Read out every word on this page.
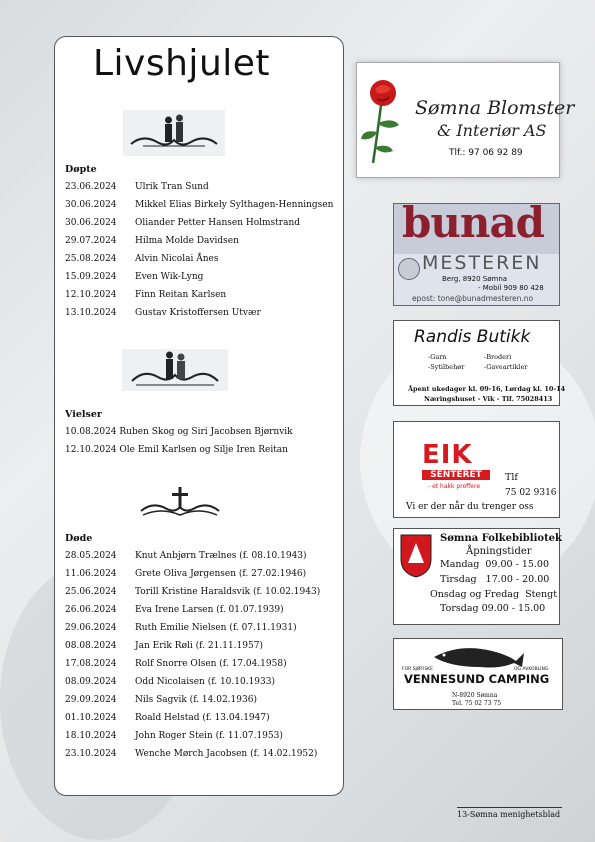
Livshjulet
Døpte
23.06.2024 Ulrik Tran Sund
30.06.2024 Mikkel Elias Birkely Sylthagen-Henningsen
30.06.2024 Oliander Petter Hansen Holmstrand
29.07.2024 Hilma Molde Davidsen
25.08.2024 Alvin Nicolai Ånes
15.09.2024 Even Wik-Lyng
12.10.2024 Finn Reitan Karlsen
13.10.2024 Gustav Kristoffersen Utvær
Vielser
10.08.2024 Ruben Skog og Siri Jacobsen Bjørnvik
12.10.2024 Ole Emil Karlsen og Silje Iren Reitan
Døde
28.05.2024 Knut Anbjørn Trælnes (f. 08.10.1943)
11.06.2024 Grete Oliva Jørgensen (f. 27.02.1946)
25.06.2024 Torill Kristine Haraldsvik (f. 10.02.1943)
26.06.2024 Eva Irene Larsen (f. 01.07.1939)
29.06.2024 Ruth Emilie Nielsen (f. 07.11.1931)
08.08.2024 Jan Erik Røli (f. 21.11.1957)
17.08.2024 Rolf Snorre Olsen (f. 17.04.1958)
08.09.2024 Odd Nicolaisen (f. 10.10.1933)
29.09.2024 Nils Sagvik (f. 14.02.1936)
01.10.2024 Roald Helstad (f. 13.04.1947)
18.10.2024 John Roger Stein (f. 11.07.1953)
23.10.2024 Wenche Mørch Jacobsen (f. 14.02.1952)
Sømna Blomster
& Interiør AS
Tlf.: 97 06 92 89
bunad
MESTEREN
Berg, 8920 Sømna
- Mobil 909 80 428
epost: tone@bunadmesteren.no
Randis Butikk
-Garn	-Broderi
-Sytilbehør	-Gaveartikler
Åpent ukedager kl. 09-16, Lørdag kl. 10-14
Næringshuset - Vik - Tlf. 75028413
EIK
SENTERET
- et hakk proffere
Tlf
75 02 9316
Vi er der når du trenger oss
Sømna Folkebibliotek
Åpningstider
Mandag  09.00 - 15.00
Tirsdag   17.00 - 20.00
Onsdag og Fredag  Stengt
Torsdag 09.00 - 15.00
FOR SJØFISKE	OG AVKOBLING
VENNESUND CAMPING
N-8920 Sømna
Tel. 75 02 73 75
13-Sømna menighetsblad
